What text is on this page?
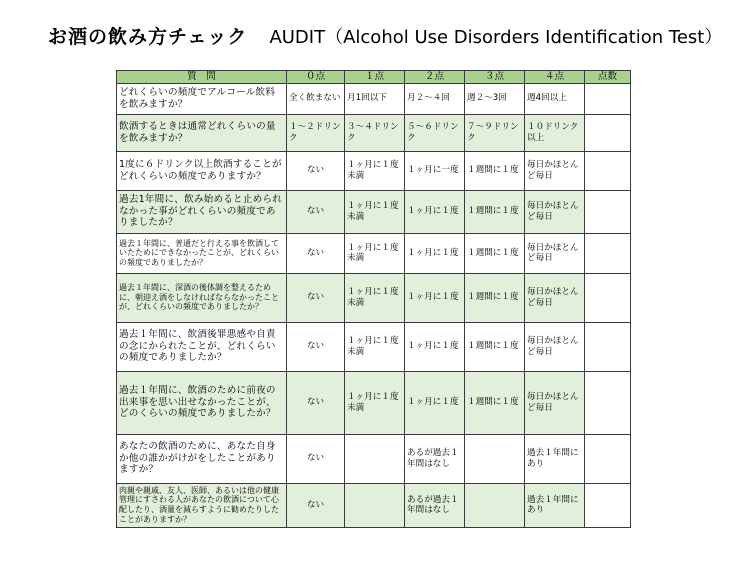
お酒の飲み方チェック AUDIT（Alcohol Use Disorders Identification Test）
質　問	０点	１点	２点	３点	４点	点数
どれくらいの頻度でアルコール飲料を飲みますか？	全く飲まない	月1回以下	月２～４回	週２～3回	週4回以上	
飲酒するときは通常どれくらいの量を飲みますか？	１～２ドリンク	３～４ドリンク	５～６ドリンク	７～９ドリンク	１０ドリンク以上	
1度に６ドリンク以上飲酒することがどれくらいの頻度でありますか？	ない	１ヶ月に１度未満	１ヶ月に一度	１週間に１度	毎日かほとんど毎日	
過去1年間に、飲み始めると止められなかった事がどれくらいの頻度でありましたか？	ない	１ヶ月に１度未満	１ヶ月に１度	１週間に１度	毎日かほとんど毎日	
過去１年間に、普通だと行える事を飲酒していたためにできなかったことが、どれくらいの頻度でありましたか？	ない	１ヶ月に１度未満	１ヶ月に１度	１週間に１度	毎日かほとんど毎日	
過去１年間に、深酒の後体調を整えるために、朝迎え酒をしなければならなかったことが、どれくらいの頻度でありましたか？	ない	１ヶ月に１度未満	１ヶ月に１度	１週間に１度	毎日かほとんど毎日	
過去１年間に、飲酒後罪悪感や自責の念にかられたことが、どれくらいの頻度でありましたか？	ない	１ヶ月に１度未満	１ヶ月に１度	１週間に１度	毎日かほとんど毎日	
過去１年間に、飲酒のために前夜の出来事を思い出せなかったことが、どのくらいの頻度でありましたか？	ない	１ヶ月に１度未満	１ヶ月に１度	１週間に１度	毎日かほとんど毎日	
あなたの飲酒のために、あなた自身か他の誰かがけがをしたことがありますか？	ない		あるが過去１年間はなし		過去１年間にあり	
肉親や親戚、友人、医師、あるいは他の健康管理にすさわる人があなたの飲酒について心配したり、酒量を減らすように勧めたりしたことがありますか？	ない		あるが過去１年間はなし		過去１年間にあり	
